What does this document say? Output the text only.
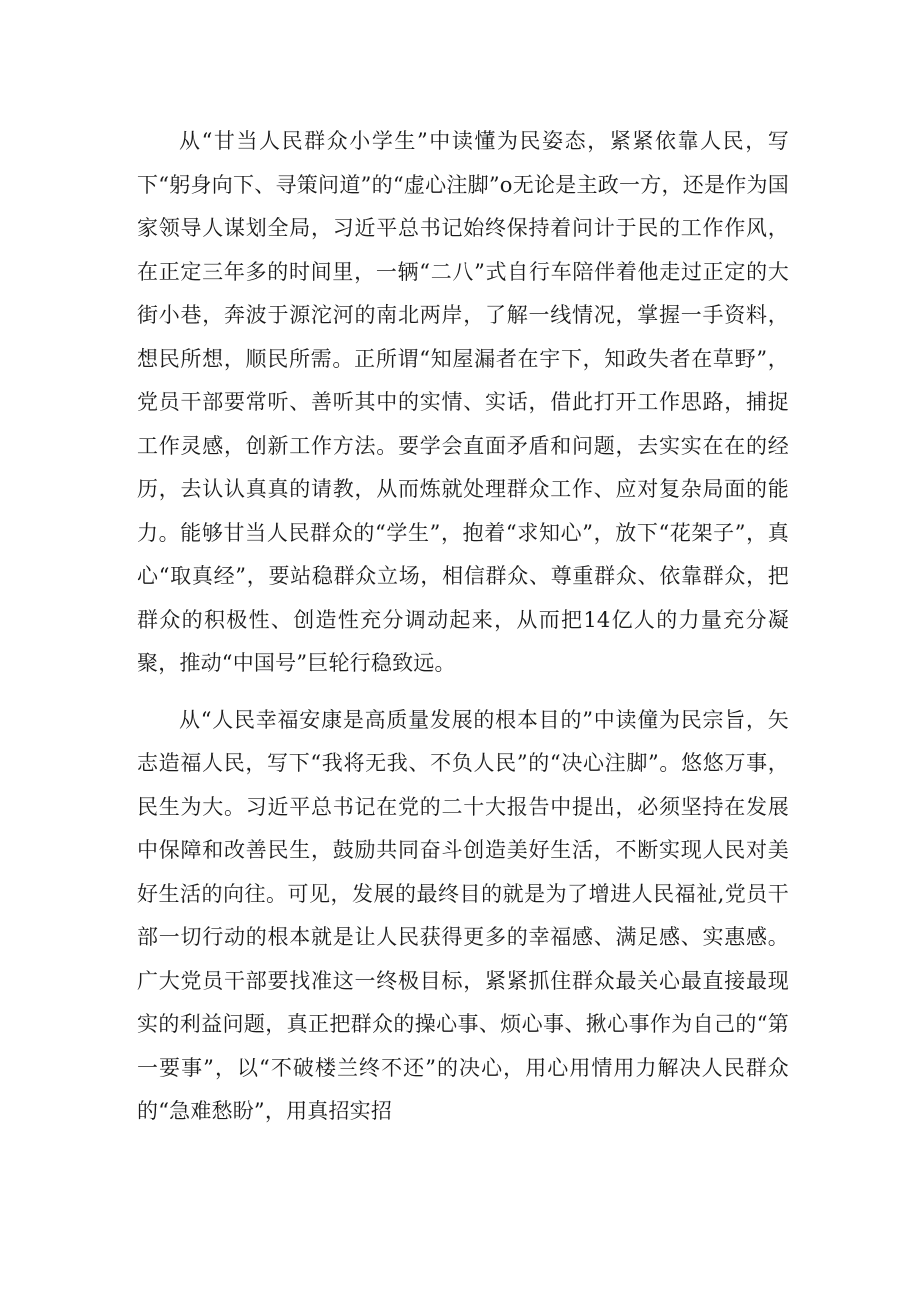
从“甘当人民群众小学生”中读懂为民姿态，紧紧依靠人民，写下“躬身向下、寻策问道”的“虚心注脚”o无论是主政一方，还是作为国家领导人谋划全局，习近平总书记始终保持着问计于民的工作作风，在正定三年多的时间里，一辆“二八”式自行车陪伴着他走过正定的大街小巷，奔波于源沱河的南北两岸，了解一线情况，掌握一手资料，想民所想，顺民所需。正所谓“知屋漏者在宇下，知政失者在草野”，党员干部要常听、善听其中的实情、实话，借此打开工作思路，捕捉工作灵感，创新工作方法。要学会直面矛盾和问题，去实实在在的经历，去认认真真的请教，从而炼就处理群众工作、应对复杂局面的能力。能够甘当人民群众的“学生”，抱着“求知心”，放下“花架子”，真心“取真经”，要站稳群众立场，相信群众、尊重群众、依靠群众，把群众的积极性、创造性充分调动起来，从而把14亿人的力量充分凝聚，推动“中国号”巨轮行稳致远。

从“人民幸福安康是高质量发展的根本目的”中读僮为民宗旨，矢志造福人民，写下“我将无我、不负人民”的“决心注脚”。悠悠万事，民生为大。习近平总书记在党的二十大报告中提出，必须坚持在发展中保障和改善民生，鼓励共同奋斗创造美好生活，不断实现人民对美好生活的向往。可见，发展的最终目的就是为了增进人民福祉,党员干部一切行动的根本就是让人民获得更多的幸福感、满足感、实惠感。广大党员干部要找准这一终极目标，紧紧抓住群众最关心最直接最现实的利益问题，真正把群众的操心事、烦心事、揪心事作为自己的“第一要事”，以“不破楼兰终不还”的决心，用心用情用力解决人民群众的“急难愁盼”，用真招实招
